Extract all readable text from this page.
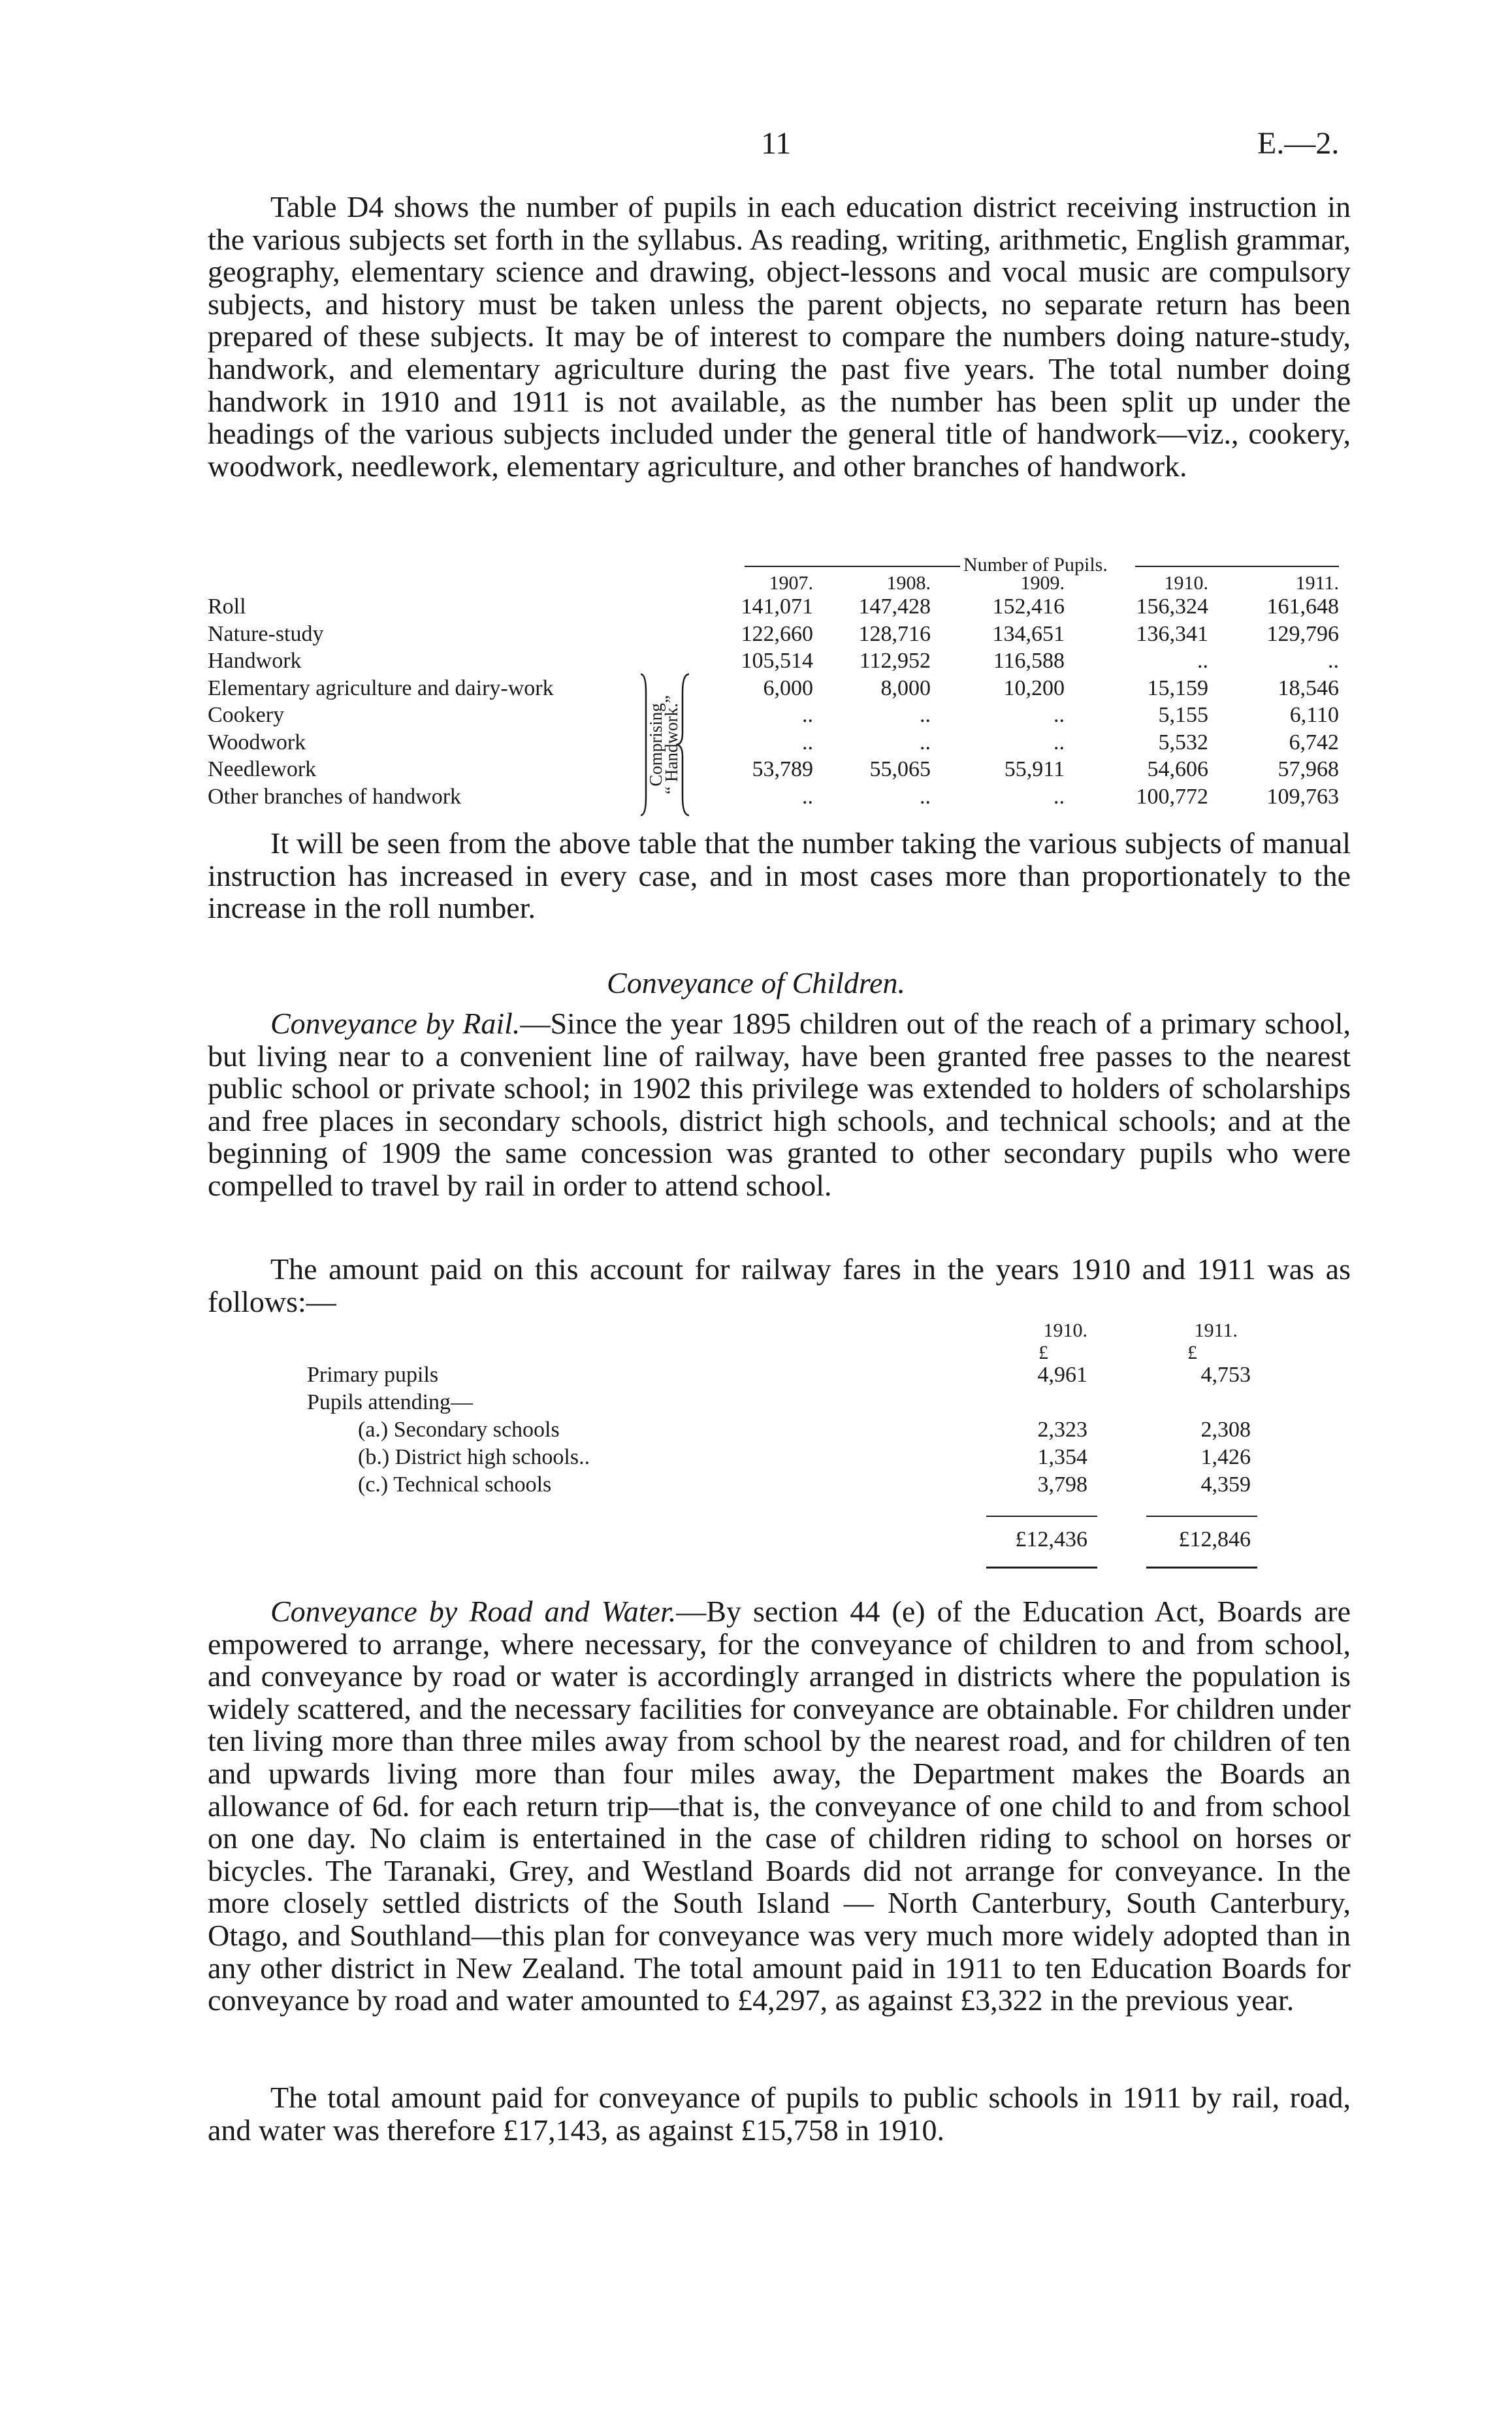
11	E.—2.

Table D4 shows the number of pupils in each education district receiving instruction in the various subjects set forth in the syllabus. As reading, writing, arithmetic, English grammar, geography, elementary science and drawing, object-lessons and vocal music are compulsory subjects, and history must be taken unless the parent objects, no separate return has been prepared of these subjects. It may be of interest to compare the numbers doing nature-study, handwork, and elementary agriculture during the past five years. The total number doing handwork in 1910 and 1911 is not available, as the number has been split up under the headings of the various subjects included under the general title of handwork—viz., cookery, woodwork, needlework, elementary agriculture, and other branches of handwork.

Number of Pupils.
1907.	1908.	1909.	1910.	1911.
Roll	141,071	147,428	152,416	156,324	161,648
Nature-study	122,660	128,716	134,651	136,341	129,796
Handwork	105,514	112,952	116,588	..	..
Elementary agriculture and dairy-work	6,000	8,000	10,200	15,159	18,546
Cookery	..	..	..	5,155	6,110
Woodwork	..	..	..	5,532	6,742
Needlework	53,789	55,065	55,911	54,606	57,968
Other branches of handwork	..	..	..	100,772	109,763
Comprising
“ Handwork.”

It will be seen from the above table that the number taking the various subjects of manual instruction has increased in every case, and in most cases more than proportionately to the increase in the roll number.

Conveyance of Children.

Conveyance by Rail.—Since the year 1895 children out of the reach of a primary school, but living near to a convenient line of railway, have been granted free passes to the nearest public school or private school; in 1902 this privilege was extended to holders of scholarships and free places in secondary schools, district high schools, and technical schools; and at the beginning of 1909 the same concession was granted to other secondary pupils who were compelled to travel by rail in order to attend school.

The amount paid on this account for railway fares in the years 1910 and 1911 was as follows:—

1910.	1911.
£	£
Primary pupils	4,961	4,753
Pupils attending—
(a.) Secondary schools	2,323	2,308
(b.) District high schools..	1,354	1,426
(c.) Technical schools	3,798	4,359
£12,436	£12,846

Conveyance by Road and Water.—By section 44 (e) of the Education Act, Boards are empowered to arrange, where necessary, for the conveyance of children to and from school, and conveyance by road or water is accordingly arranged in districts where the population is widely scattered, and the necessary facilities for conveyance are obtainable. For children under ten living more than three miles away from school by the nearest road, and for children of ten and upwards living more than four miles away, the Department makes the Boards an allowance of 6d. for each return trip—that is, the conveyance of one child to and from school on one day. No claim is entertained in the case of children riding to school on horses or bicycles. The Taranaki, Grey, and Westland Boards did not arrange for conveyance. In the more closely settled districts of the South Island — North Canterbury, South Canterbury, Otago, and Southland—this plan for conveyance was very much more widely adopted than in any other district in New Zealand. The total amount paid in 1911 to ten Education Boards for conveyance by road and water amounted to £4,297, as against £3,322 in the previous year.

The total amount paid for conveyance of pupils to public schools in 1911 by rail, road, and water was therefore £17,143, as against £15,758 in 1910.
